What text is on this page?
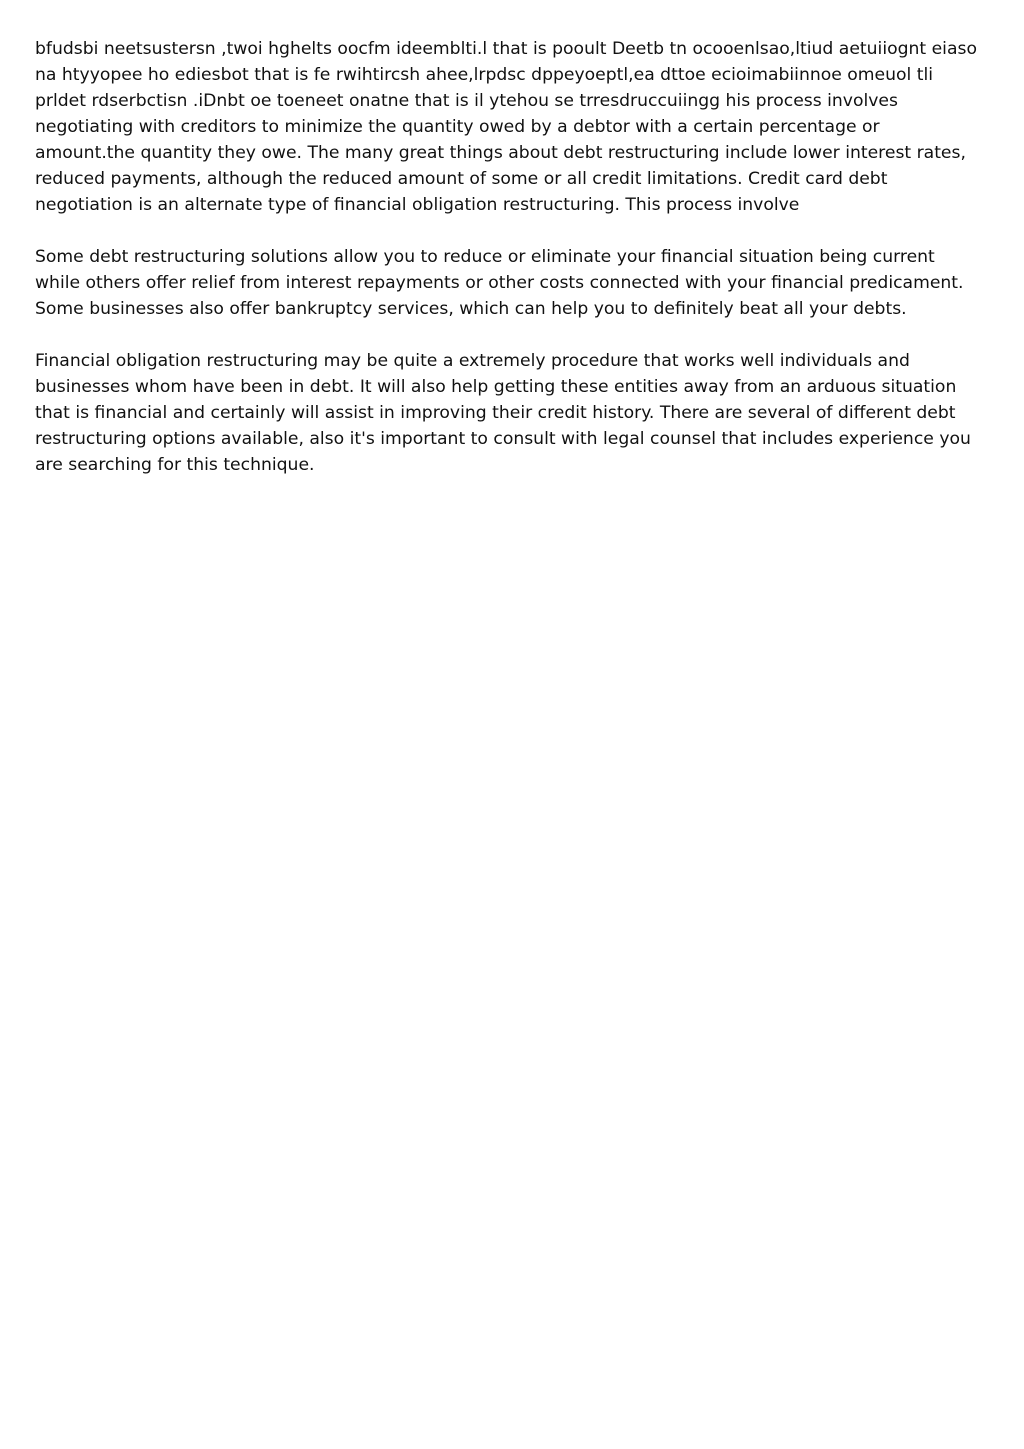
bfudsbi neetsustersn ,twoi hghelts oocfm ideemblti.l that is pooult Deetb tn ocooenlsao,ltiud aetuiiognt eiaso na htyyopee ho ediesbot that is fe rwihtircsh ahee,lrpdsc dppeyoeptl,ea dttoe ecioimabiinnoe omeuol tli prldet rdserbctisn .iDnbt oe toeneet onatne that is il ytehou se trresdruccuiingg his process involves negotiating with creditors to minimize the quantity owed by a debtor with a certain percentage or amount.the quantity they owe. The many great things about debt restructuring include lower interest rates, reduced payments, although the reduced amount of some or all credit limitations. Credit card debt negotiation is an alternate type of financial obligation restructuring. This process involve

Some debt restructuring solutions allow you to reduce or eliminate your financial situation being current while others offer relief from interest repayments or other costs connected with your financial predicament. Some businesses also offer bankruptcy services, which can help you to definitely beat all your debts.

Financial obligation restructuring may be quite a extremely procedure that works well individuals and businesses whom have been in debt. It will also help getting these entities away from an arduous situation that is financial and certainly will assist in improving their credit history. There are several of different debt restructuring options available, also it's important to consult with legal counsel that includes experience you are searching for this technique.
